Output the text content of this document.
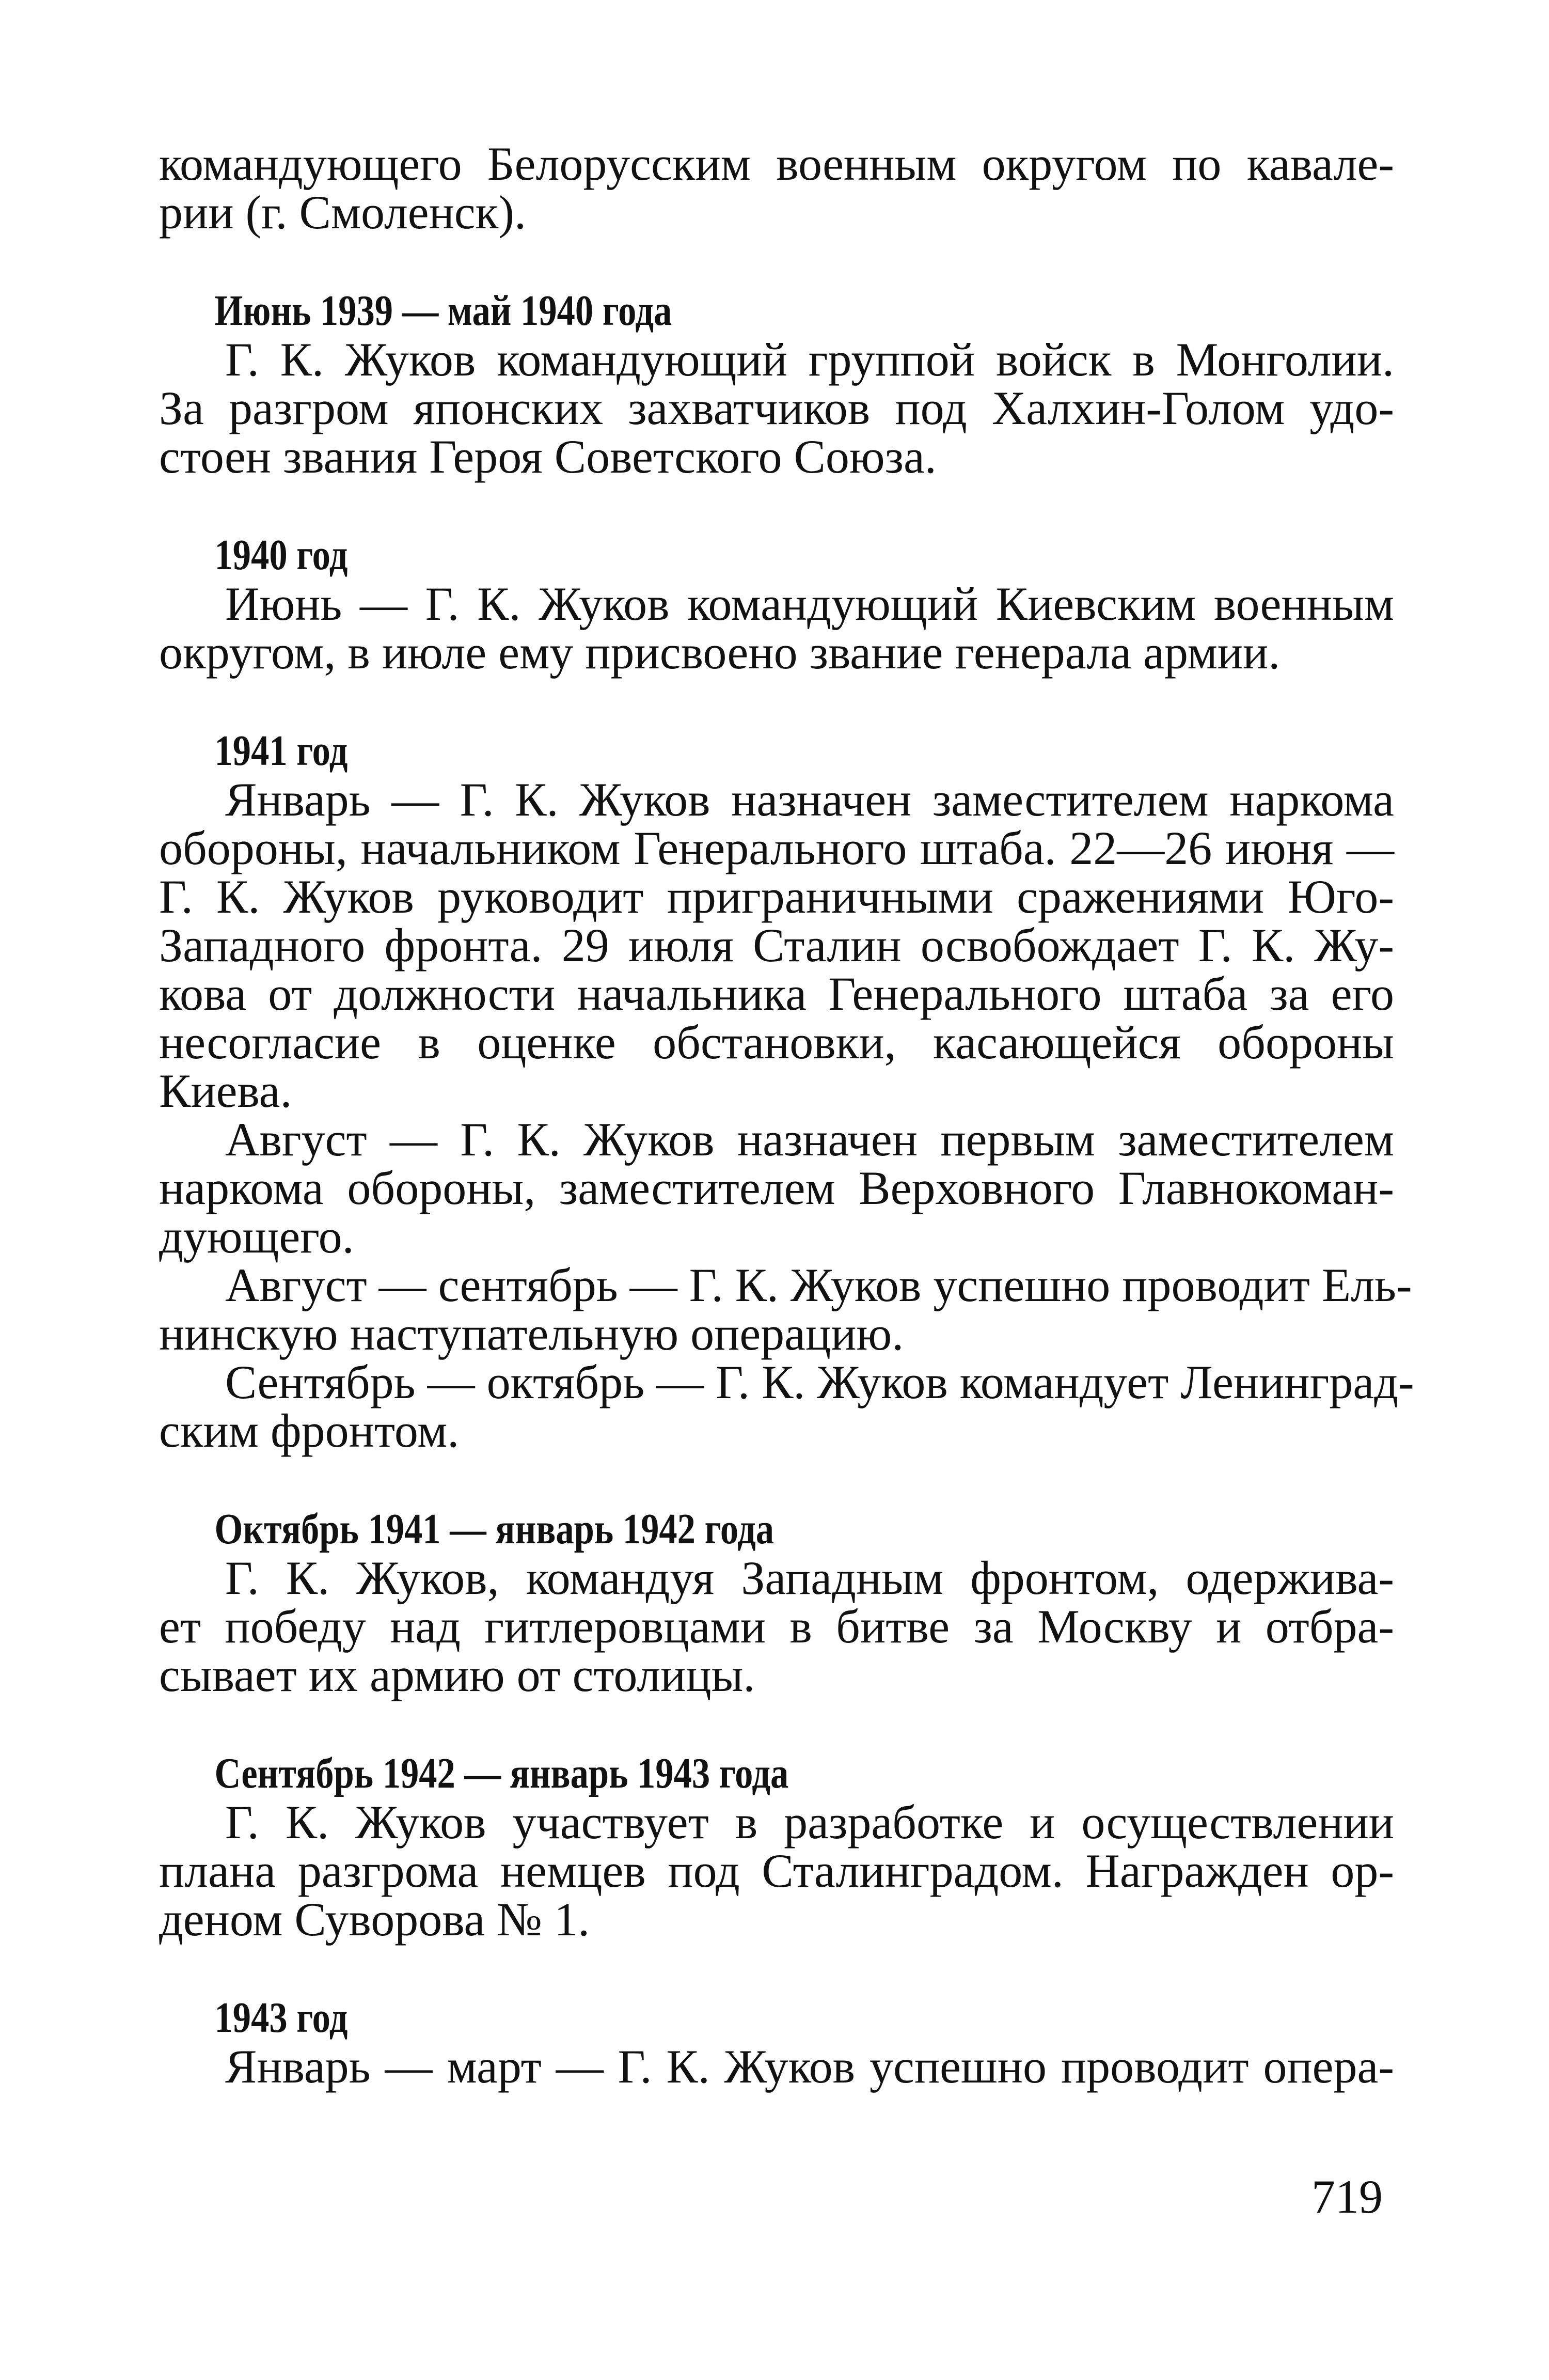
командующего Белорусским военным округом по кавале-
рии (г. Смоленск).
Июнь 1939 — май 1940 года
Г. К. Жуков командующий группой войск в Монголии.
За разгром японских захватчиков под Халхин-Голом удо-
стоен звания Героя Советского Союза.
1940 год
Июнь — Г. К. Жуков командующий Киевским военным
округом, в июле ему присвоено звание генерала армии.
1941 год
Январь — Г. К. Жуков назначен заместителем наркома
обороны, начальником Генерального штаба. 22—26 июня —
Г. К. Жуков руководит приграничными сражениями Юго-
Западного фронта. 29 июля Сталин освобождает Г. К. Жу-
кова от должности начальника Генерального штаба за его
несогласие в оценке обстановки, касающейся обороны
Киева.
Август — Г. К. Жуков назначен первым заместителем
наркома обороны, заместителем Верховного Главнокоман-
дующего.
Август — сентябрь — Г. К. Жуков успешно проводит Ель-
нинскую наступательную операцию.
Сентябрь — октябрь — Г. К. Жуков командует Ленинград-
ским фронтом.
Октябрь 1941 — январь 1942 года
Г. К. Жуков, командуя Западным фронтом, одержива-
ет победу над гитлеровцами в битве за Москву и отбра-
сывает их армию от столицы.
Сентябрь 1942 — январь 1943 года
Г. К. Жуков участвует в разработке и осуществлении
плана разгрома немцев под Сталинградом. Награжден ор-
деном Суворова № 1.
1943 год
Январь — март — Г. К. Жуков успешно проводит опера-
719
